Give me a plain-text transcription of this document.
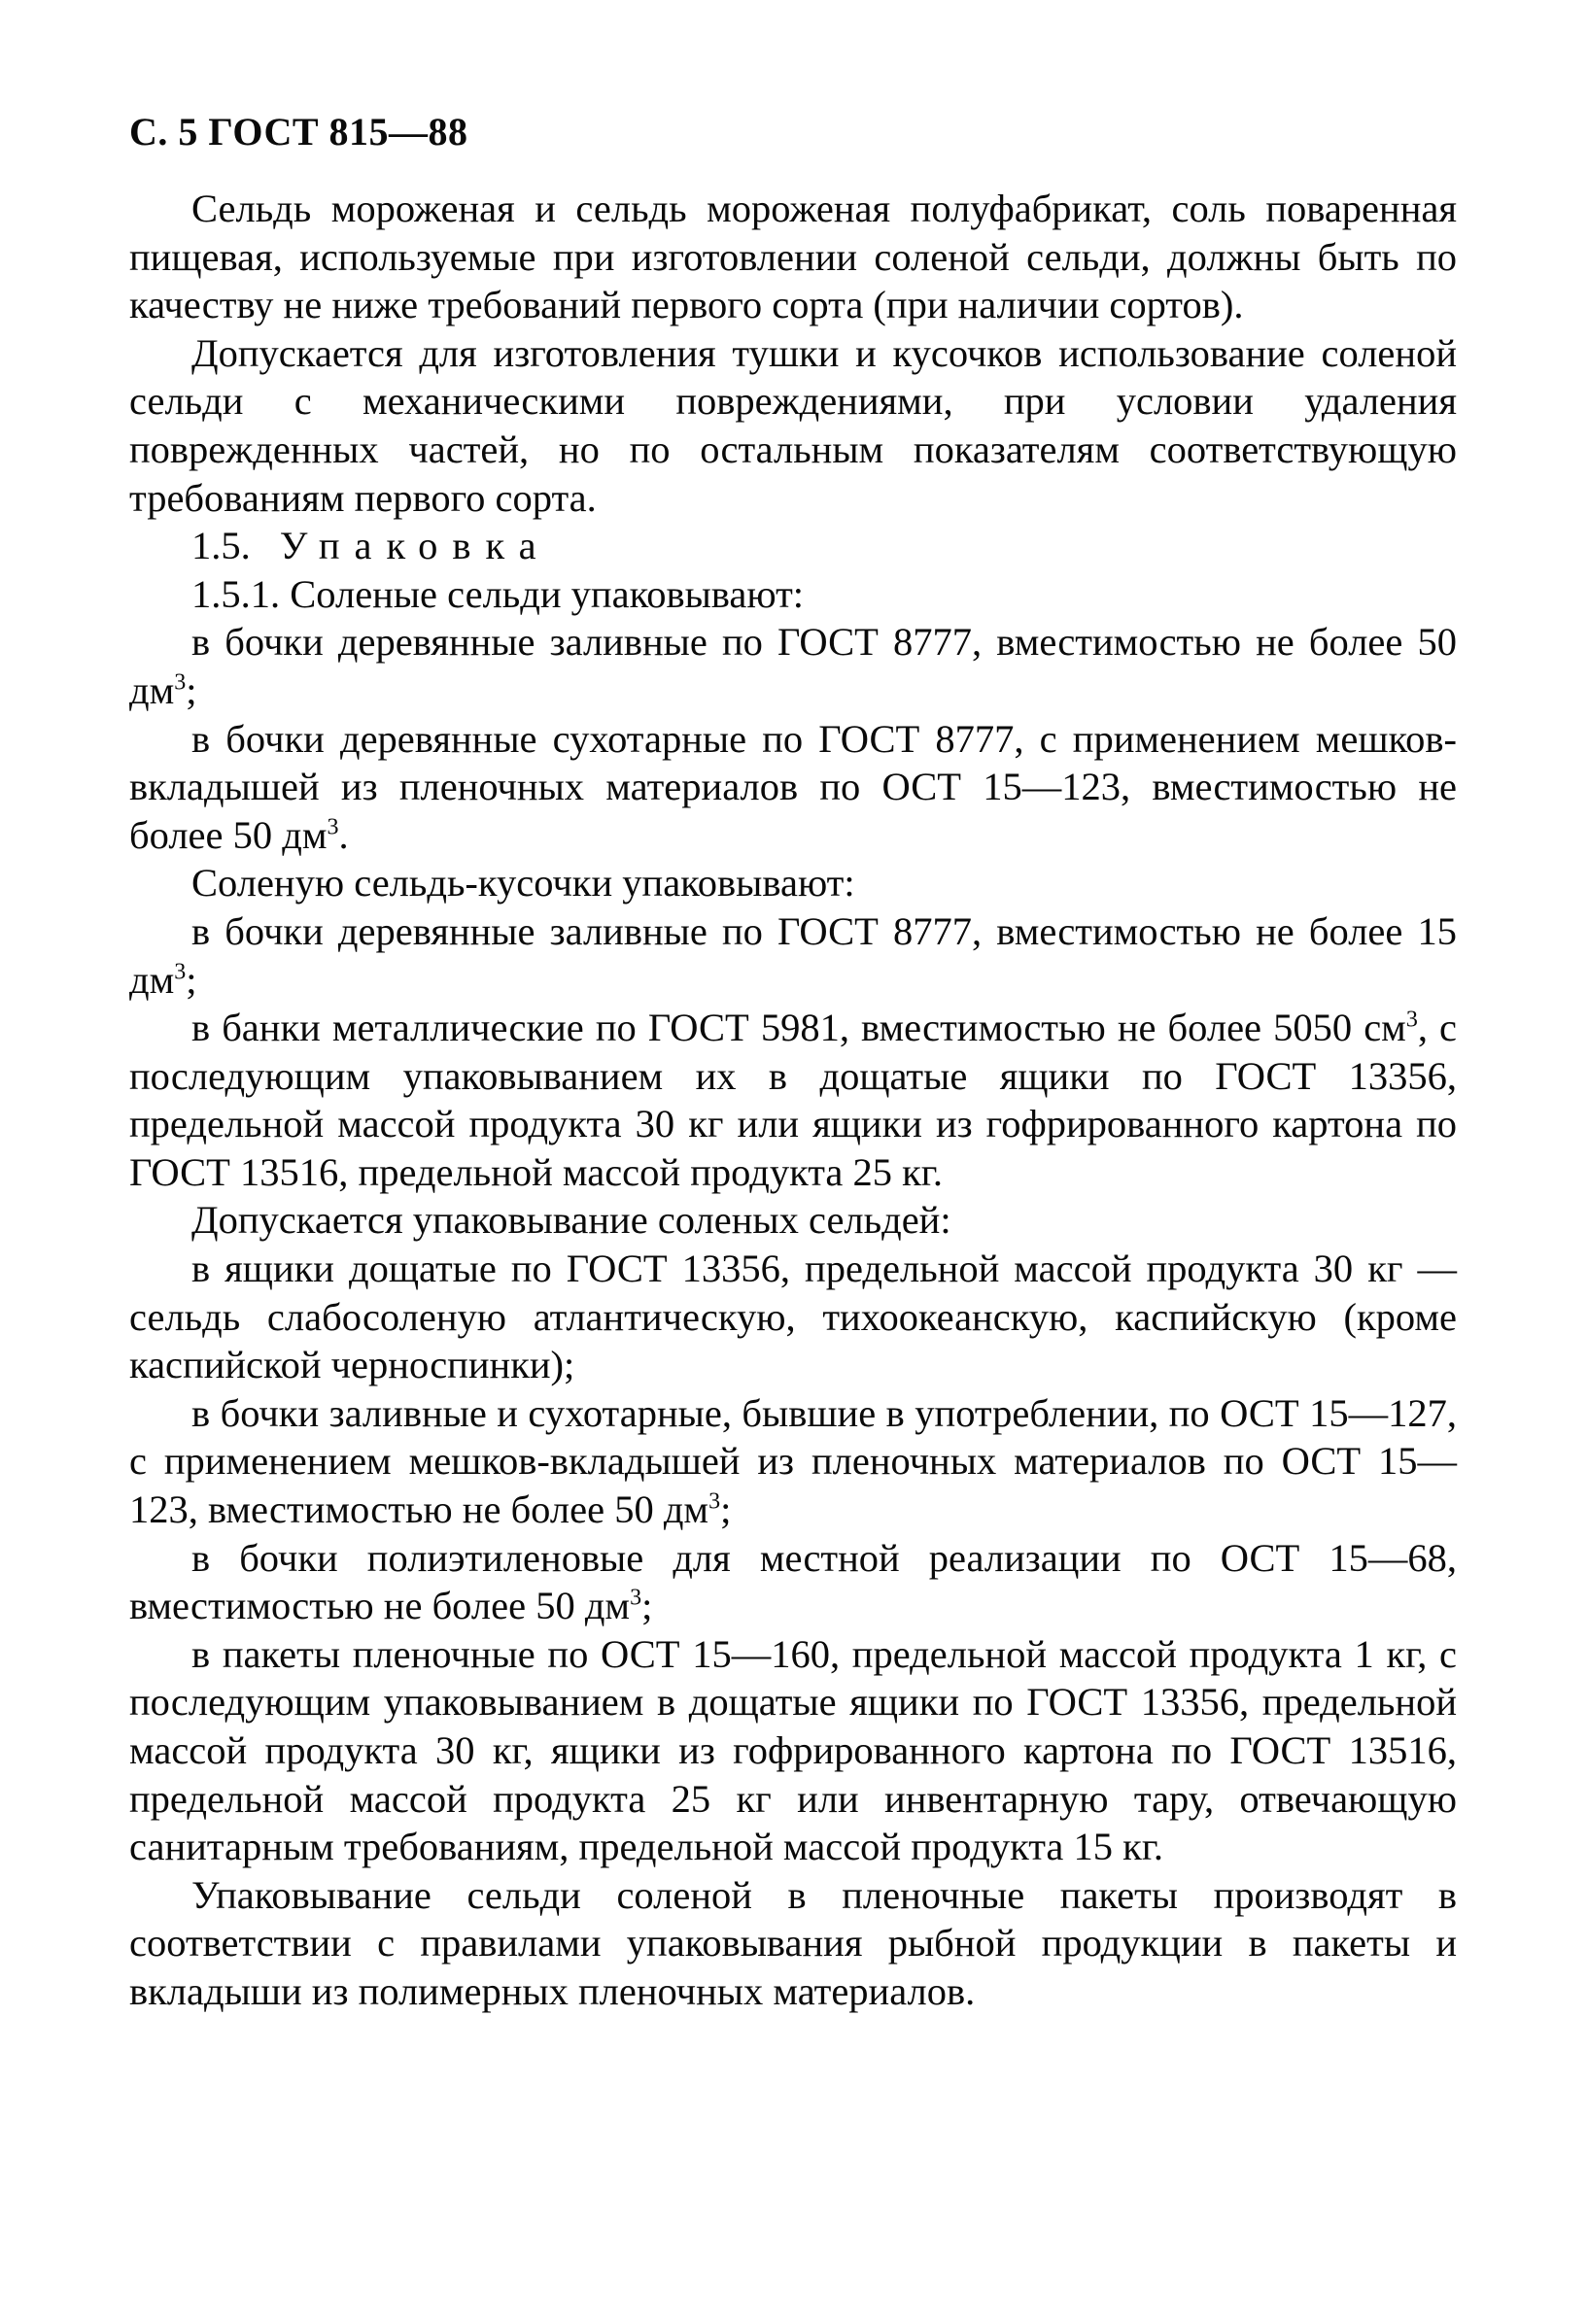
С. 5 ГОСТ 815—88

Сельдь мороженая и сельдь мороженая полуфабрикат, соль поваренная пищевая, используемые при изготовлении соленой сельди, должны быть по качеству не ниже требований первого сорта (при наличии сортов).

Допускается для изготовления тушки и кусочков использование соленой сельди с механическими повреждениями, при условии удаления поврежденных частей, но по остальным показателям соответствующую требованиям первого сорта.

1.5. Упаковка

1.5.1. Соленые сельди упаковывают:

в бочки деревянные заливные по ГОСТ 8777, вместимостью не более 50 $дм^3$;

в бочки деревянные сухотарные по ГОСТ 8777, с применением мешков-вкладышей из пленочных материалов по ОСТ 15—123, вместимостью не более 50 $дм^3$.

Соленую сельдь-кусочки упаковывают:

в бочки деревянные заливные по ГОСТ 8777, вместимостью не более 15 $дм^3$;

в банки металлические по ГОСТ 5981, вместимостью не более 5050 $см^3$, с последующим упаковыванием их в дощатые ящики по ГОСТ 13356, предельной массой продукта 30 кг или ящики из гофрированного картона по ГОСТ 13516, предельной массой продукта 25 кг.

Допускается упаковывание соленых сельдей:

в ящики дощатые по ГОСТ 13356, предельной массой продукта 30 кг — сельдь слабосоленую атлантическую, тихоокеанскую, каспийскую (кроме каспийской черноспинки);

в бочки заливные и сухотарные, бывшие в употреблении, по ОСТ 15—127, с применением мешков-вкладышей из пленочных материалов по ОСТ 15—123, вместимостью не более 50 $дм^3$;

в бочки полиэтиленовые для местной реализации по ОСТ 15—68, вместимостью не более 50 $дм^3$;

в пакеты пленочные по ОСТ 15—160, предельной массой продукта 1 кг, с последующим упаковыванием в дощатые ящики по ГОСТ 13356, предельной массой продукта 30 кг, ящики из гофрированного картона по ГОСТ 13516, предельной массой продукта 25 кг или инвентарную тару, отвечающую санитарным требованиям, предельной массой продукта 15 кг.

Упаковывание сельди соленой в пленочные пакеты производят в соответствии с правилами упаковывания рыбной продукции в пакеты и вкладыши из полимерных пленочных материалов.
